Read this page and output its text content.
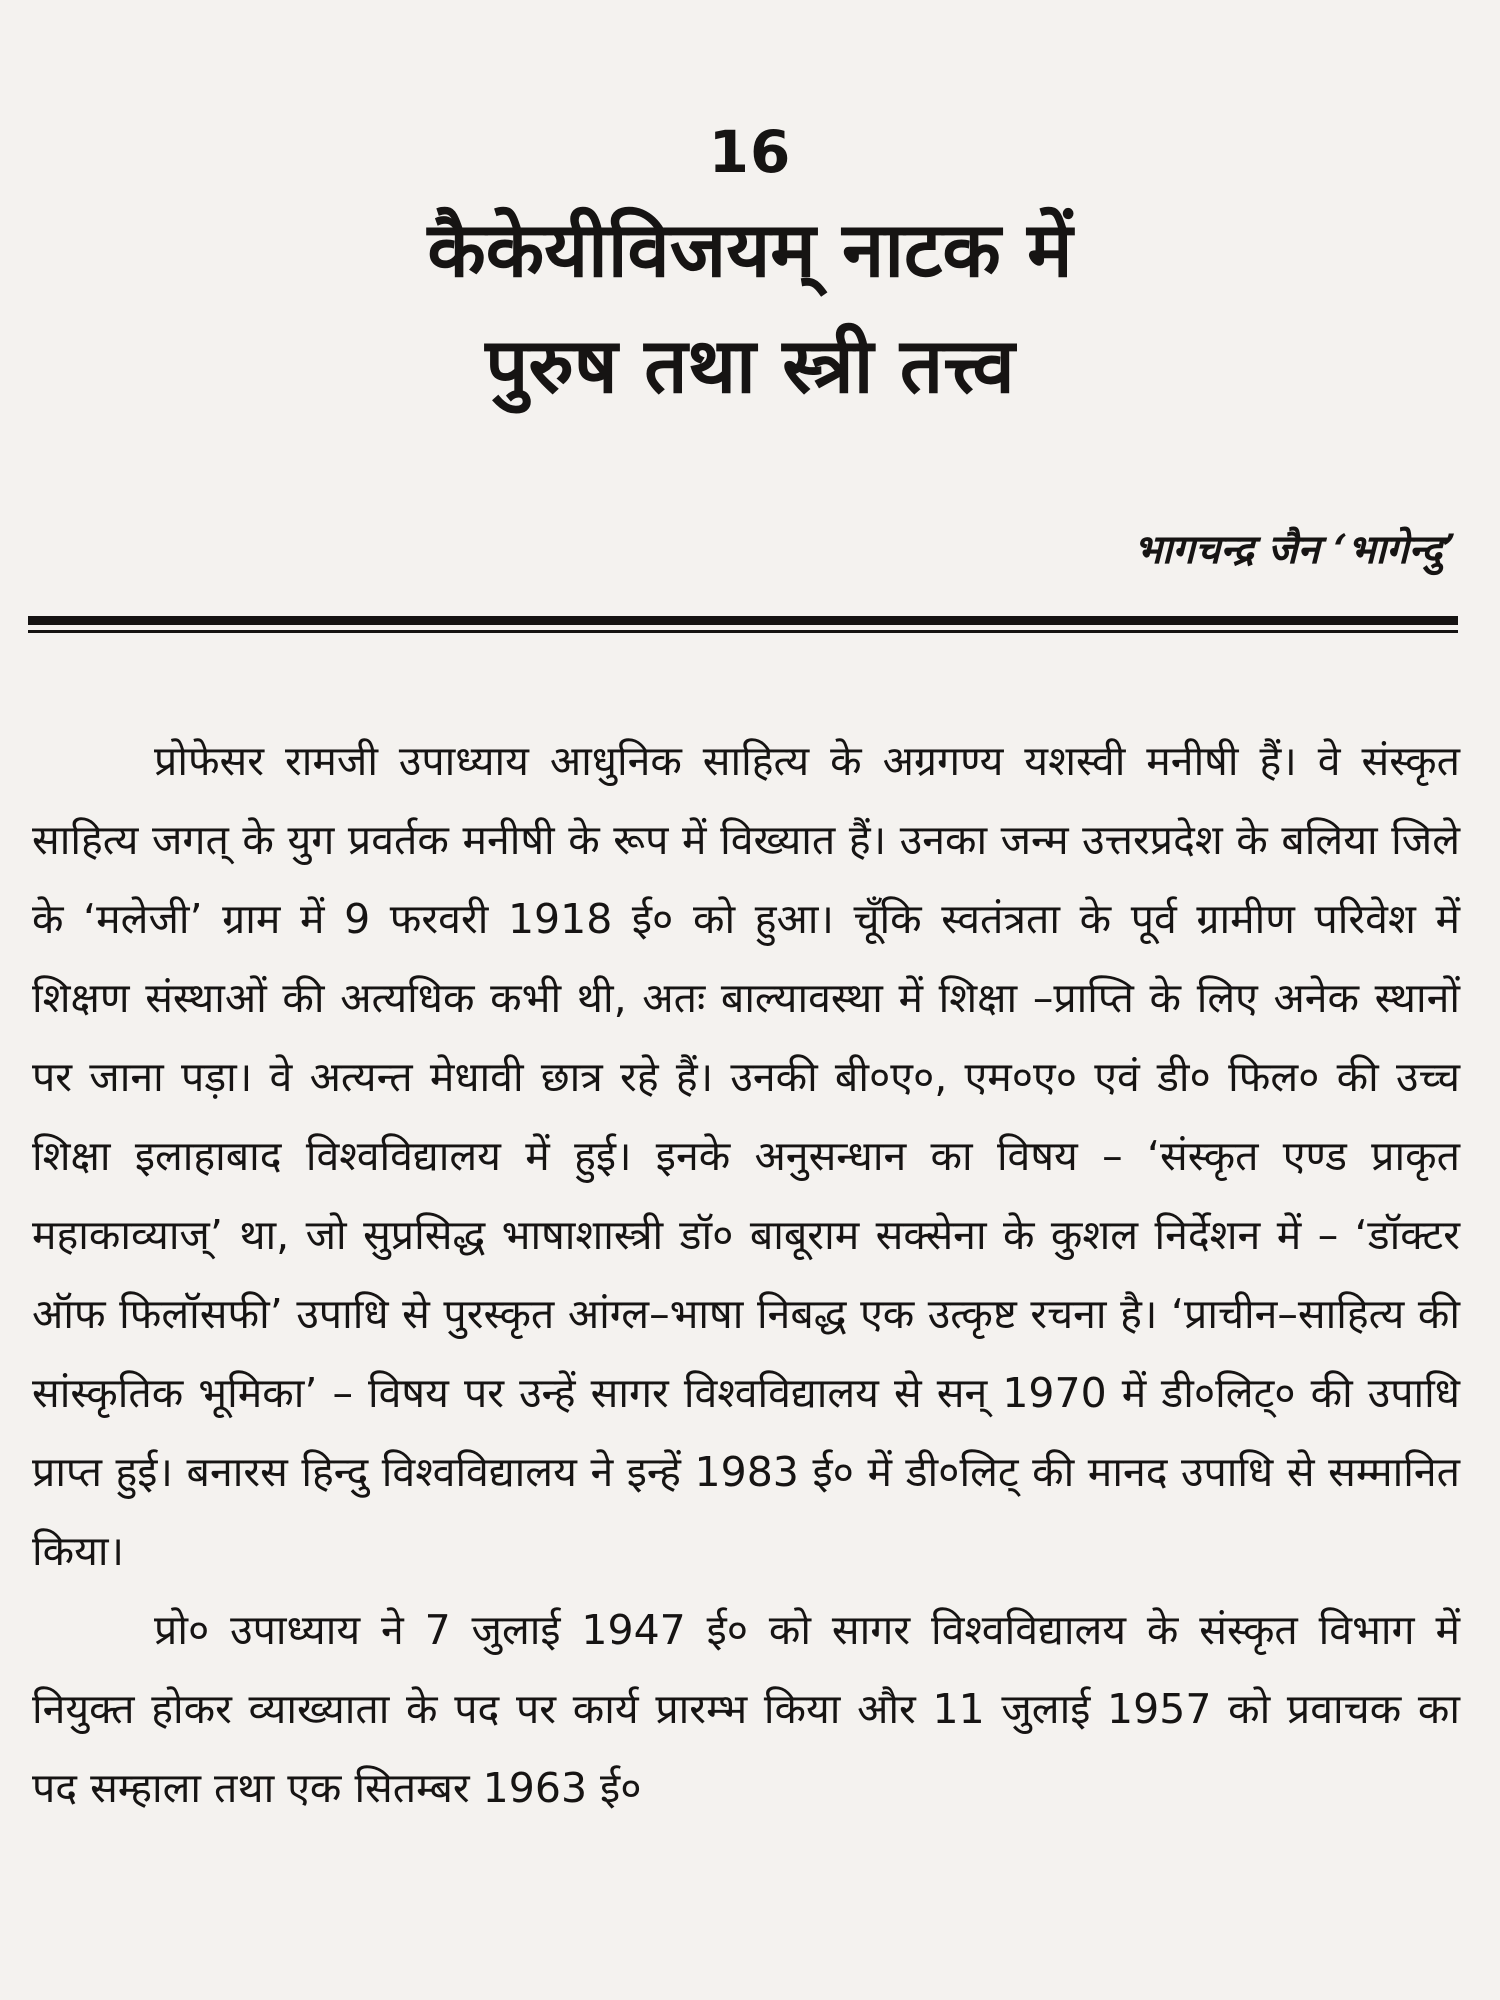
16
कैकेयीविजयम् नाटक में
पुरुष तथा स्त्री तत्त्व
भागचन्द्र जैन ‘भागेन्दु’

प्रोफेसर रामजी उपाध्याय आधुनिक साहित्य के अग्रगण्य यशस्वी मनीषी हैं। वे संस्कृत साहित्य जगत् के युग प्रवर्तक मनीषी के रूप में विख्यात हैं। उनका जन्म उत्तरप्रदेश के बलिया जिले के ‘मलेजी’ ग्राम में 9 फरवरी 1918 ई० को हुआ। चूँकि स्वतंत्रता के पूर्व ग्रामीण परिवेश में शिक्षण संस्थाओं की अत्यधिक कभी थी, अतः बाल्यावस्था में शिक्षा –प्राप्ति के लिए अनेक स्थानों पर जाना पड़ा। वे अत्यन्त मेधावी छात्र रहे हैं। उनकी बी०ए०, एम०ए० एवं डी० फिल० की उच्च शिक्षा इलाहाबाद विश्वविद्यालय में हुई। इनके अनुसन्धान का विषय – ‘संस्कृत एण्ड प्राकृत महाकाव्याज्’ था, जो सुप्रसिद्ध भाषाशास्त्री डॉ० बाबूराम सक्सेना के कुशल निर्देशन में – ‘डॉक्टर ऑफ फिलॉसफी’ उपाधि से पुरस्कृत आंग्ल–भाषा निबद्ध एक उत्कृष्ट रचना है। ‘प्राचीन–साहित्य की सांस्कृतिक भूमिका’ – विषय पर उन्हें सागर विश्वविद्यालय से सन् 1970 में डी०लिट्० की उपाधि प्राप्त हुई। बनारस हिन्दु विश्वविद्यालय ने इन्हें 1983 ई० में डी०लिट् की मानद उपाधि से सम्मानित किया।

प्रो० उपाध्याय ने 7 जुलाई 1947 ई० को सागर विश्वविद्यालय के संस्कृत विभाग में नियुक्त होकर व्याख्याता के पद पर कार्य प्रारम्भ किया और 11 जुलाई 1957 को प्रवाचक का पद सम्हाला तथा एक सितम्बर 1963 ई०
